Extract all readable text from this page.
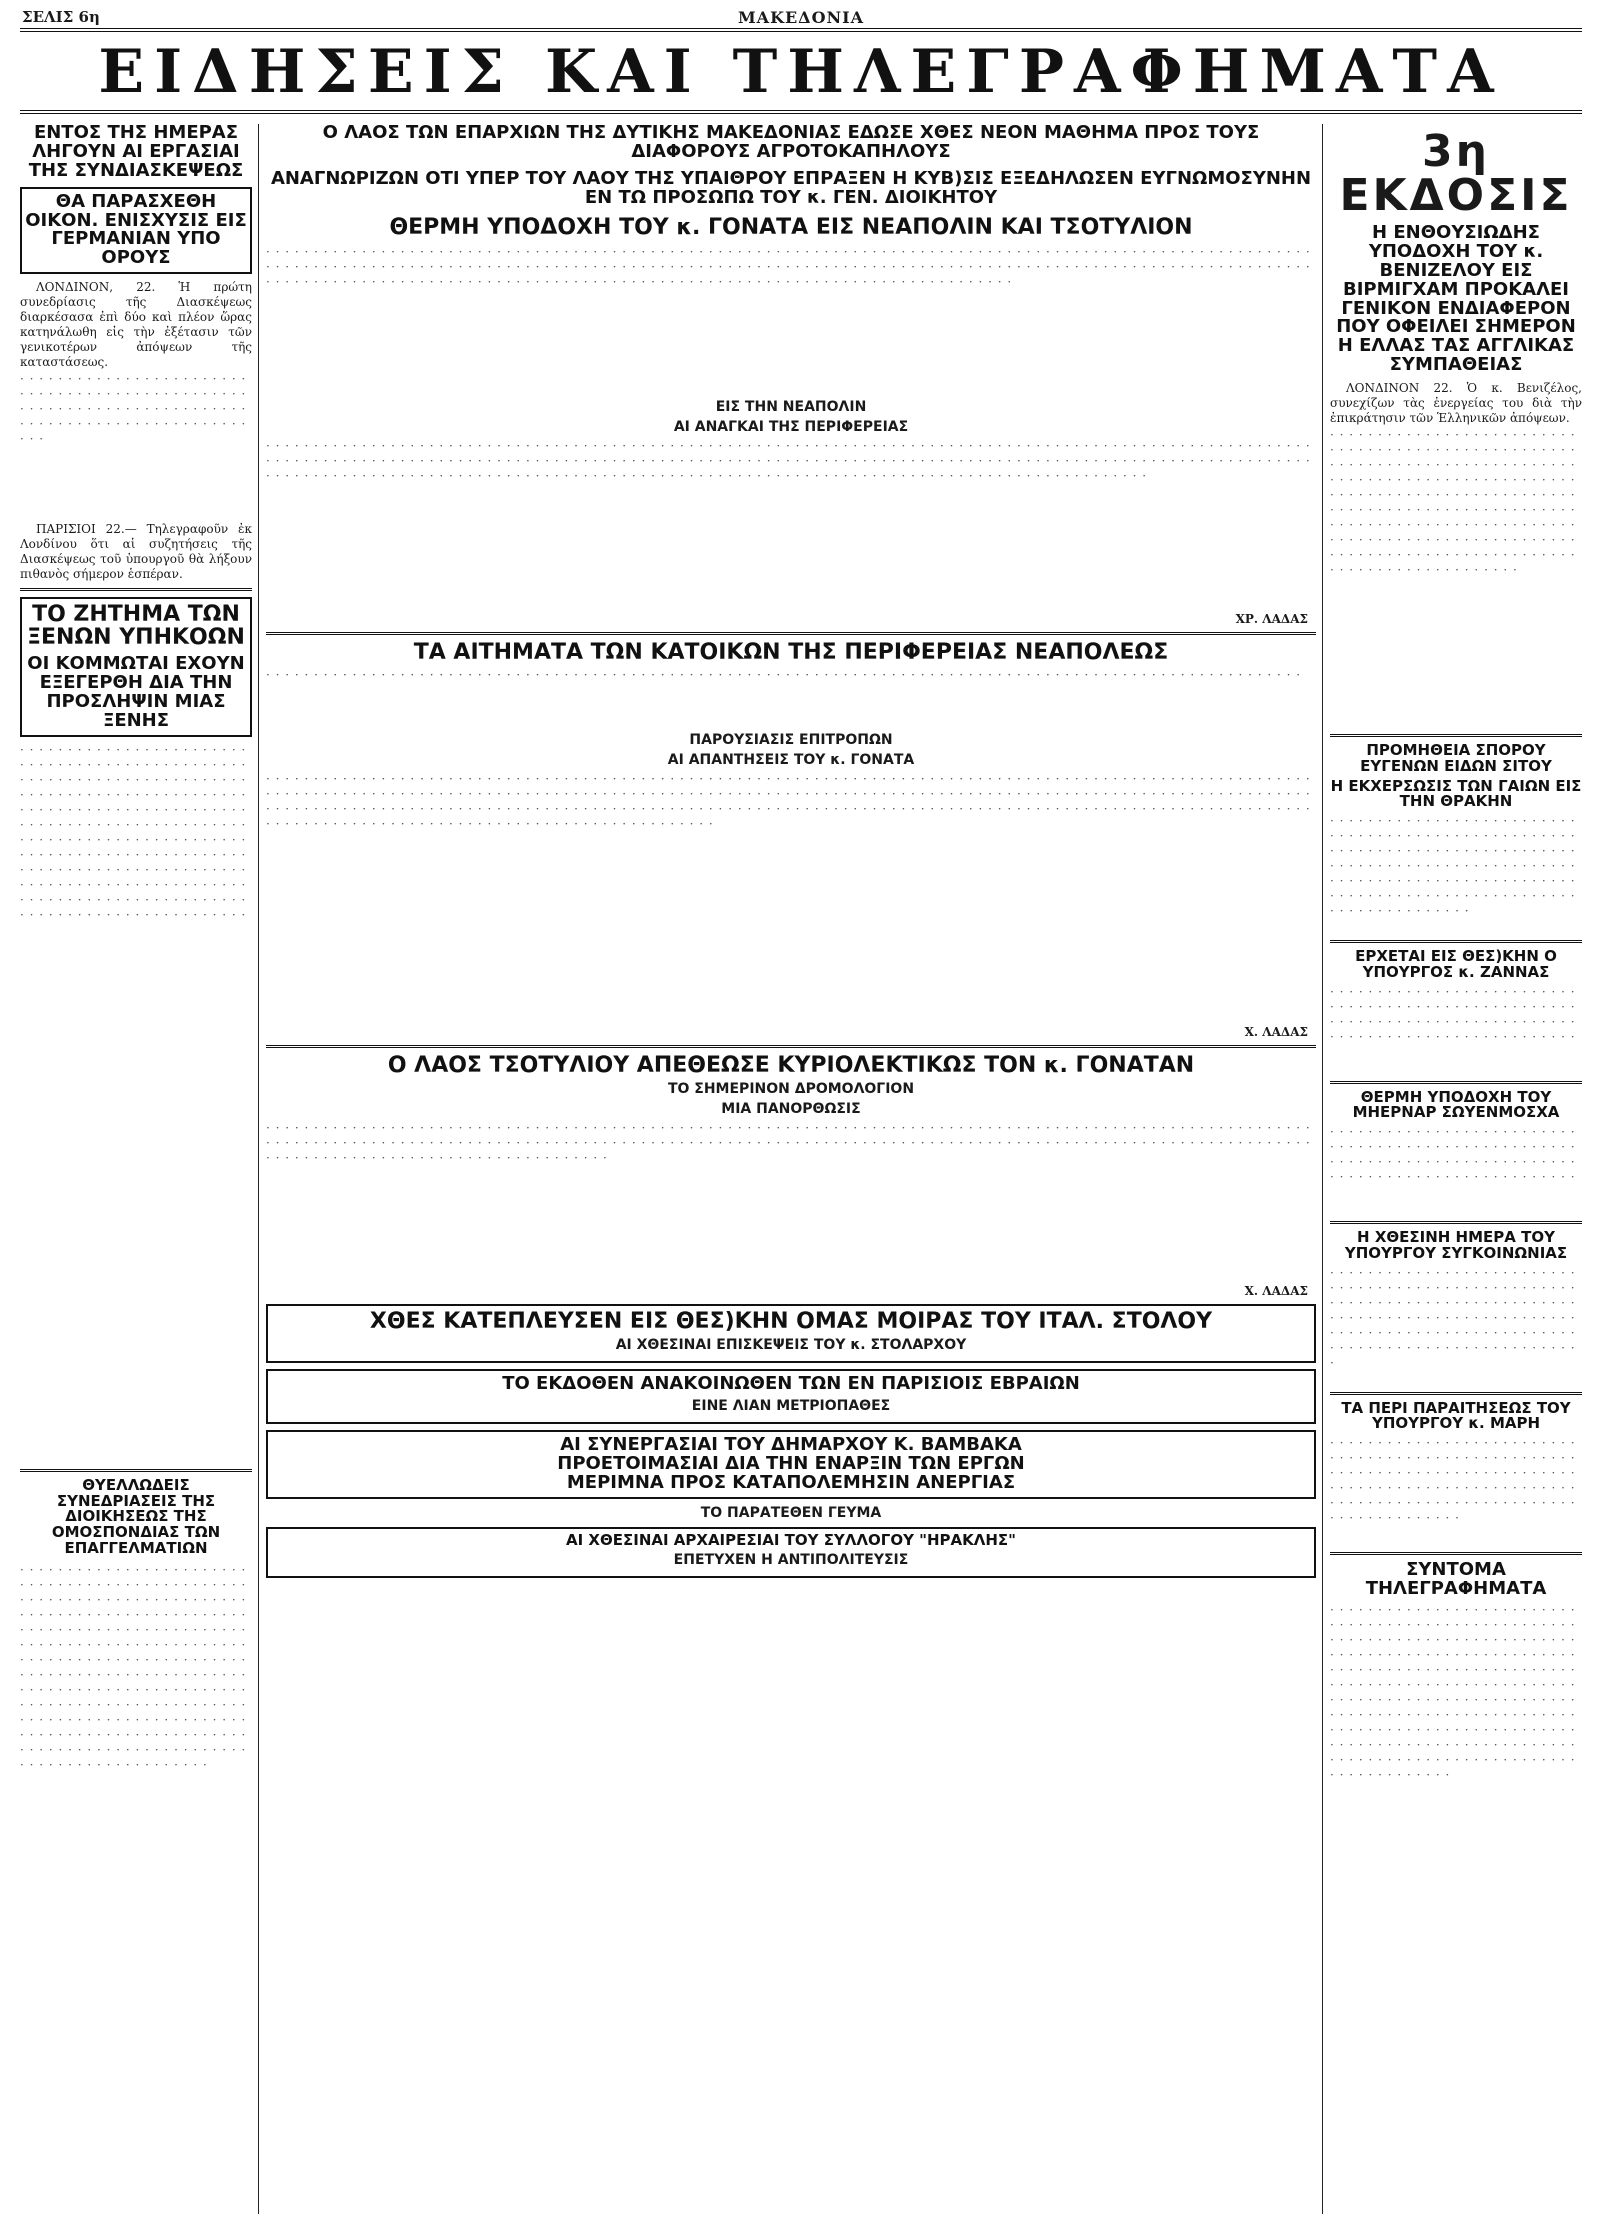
ΣΕΛΙΣ 6η	ΜΑΚΕΔΟΝΙΑ
ΕΙΔΗΣΕΙΣ ΚΑΙ ΤΗΛΕΓΡΑΦΗΜΑΤΑ
ΕΝΤΟΣ ΤΗΣ ΗΜΕΡΑΣ ΛΗΓΟΥΝ ΑΙ ΕΡΓΑΣΙΑΙ ΤΗΣ ΣΥΝΔΙΑΣΚΕΨΕΩΣ
ΘΑ ΠΑΡΑΣΧΕΘΗ ΟΙΚΟΝ. ΕΝΙΣΧΥΣΙΣ ΕΙΣ ΓΕΡΜΑΝΙΑΝ ΥΠΟ ΟΡΟΥΣ

ΛΟΝΔΙΝΟΝ, 22. Ἡ πρώτη συνεδρίασις τῆς Διασκέψεως διαρκέσασα ἐπὶ δύο καὶ πλέον ὥρας κατηνάλωθη εἰς τὴν ἐξέτασιν τῶν γενικοτέρων ἀπόψεων τῆς καταστάσεως.

· · · · · · · · · · · · · · · · · · · · · · · · · · · · · · · · · · · · · · · · · · · · · · · · · · · · · · · · · · · · · · · · · · · · · · · · · · · · · · · · · · · · · · · · · · · · · · · · · · ·

ΠΑΡΙΣΙΟΙ 22.— Τηλεγραφοῦν ἐκ Λονδίνου ὅτι αἱ συζητήσεις τῆς Διασκέψεως τοῦ ὑπουργοῦ θὰ λήξουν πιθανὸς σήμερον ἑσπέραν.

ΤΟ ΖΗΤΗΜΑ ΤΩΝ ΞΕΝΩΝ ΥΠΗΚΟΩΝ
ΟΙ ΚΟΜΜΩΤΑΙ ΕΧΟΥΝ ΕΞΕΓΕΡΘΗ ΔΙΑ ΤΗΝ ΠΡΟΣΛΗΨΙΝ ΜΙΑΣ ΞΕΝΗΣ
· · · · · · · · · · · · · · · · · · · · · · · · · · · · · · · · · · · · · · · · · · · · · · · · · · · · · · · · · · · · · · · · · · · · · · · · · · · · · · · · · · · · · · · · · · · · · · · · · · · · · · · · · · · · · · · · · · · · · · · · · · · · · · · · · · · · · · · · · · · · · · · · · · · · · · · · · · · · · · · · · · · · · · · · · · · · · · · · · · · · · · · · · · · · · · · · · · · · · · · · · · · · · · · · · · · · · · · · · · · · · · · · · · · · · · · · · · · · · · · · · · · · · · · · · · · · · · · · · · · · · · · · · · · · · · · · · · · · · · · · · · · · · · · ·
ΘΥΕΛΛΩΔΕΙΣ ΣΥΝΕΔΡΙΑΣΕΙΣ ΤΗΣ ΔΙΟΙΚΗΣΕΩΣ ΤΗΣ ΟΜΟΣΠΟΝΔΙΑΣ ΤΩΝ ΕΠΑΓΓΕΛΜΑΤΙΩΝ
· · · · · · · · · · · · · · · · · · · · · · · · · · · · · · · · · · · · · · · · · · · · · · · · · · · · · · · · · · · · · · · · · · · · · · · · · · · · · · · · · · · · · · · · · · · · · · · · · · · · · · · · · · · · · · · · · · · · · · · · · · · · · · · · · · · · · · · · · · · · · · · · · · · · · · · · · · · · · · · · · · · · · · · · · · · · · · · · · · · · · · · · · · · · · · · · · · · · · · · · · · · · · · · · · · · · · · · · · · · · · · · · · · · · · · · · · · · · · · · · · · · · · · · · · · · · · · · · · · · · · · · · · · · · · · · · · · · · · · · · · · · · · · · · · · · · · · · · · · · · · · · · · · · · · · · · · · · · · · · · · · · · · · · · · · · ·
Ο ΛΑΟΣ ΤΩΝ ΕΠΑΡΧΙΩΝ ΤΗΣ ΔΥΤΙΚΗΣ ΜΑΚΕΔΟΝΙΑΣ ΕΔΩΣΕ ΧΘΕΣ ΝΕΟΝ ΜΑΘΗΜΑ ΠΡΟΣ ΤΟΥΣ ΔΙΑΦΟΡΟΥΣ ΑΓΡΟΤΟΚΑΠΗΛΟΥΣ
ΑΝΑΓΝΩΡΙΖΩΝ ΟΤΙ ΥΠΕΡ ΤΟΥ ΛΑΟΥ ΤΗΣ ΥΠΑΙΘΡΟΥ ΕΠΡΑΞΕΝ Η ΚΥΒ)ΣΙΣ ΕΞΕΔΗΛΩΣΕΝ ΕΥΓΝΩΜΟΣΥΝΗΝ ΕΝ ΤΩ ΠΡΟΣΩΠΩ ΤΟΥ κ. ΓΕΝ. ΔΙΟΙΚΗΤΟΥ
ΘΕΡΜΗ ΥΠΟΔΟΧΗ ΤΟΥ κ. ΓΟΝΑΤΑ ΕΙΣ ΝΕΑΠΟΛΙΝ ΚΑΙ ΤΣΟΤΥΛΙΟΝ
· · · · · · · · · · · · · · · · · · · · · · · · · · · · · · · · · · · · · · · · · · · · · · · · · · · · · · · · · · · · · · · · · · · · · · · · · · · · · · · · · · · · · · · · · · · · · · · · · · · · · · · · · · · · · · · · · · · · · · · · · · · · · · · · · · · · · · · · · · · · · · · · · · · · · · · · · · · · · · · · · · · · · · · · · · · · · · · · · · · · · · · · · · · · · · · · · · · · · · · · · · · · · · · · · · · · · · · · · · · · · · · · · · · · · · · · · · · · · · · · · · · · · · · · · · · · · · · · · · · · · · · · · · · · · · · · · · · · · · · · · · · · · · · · · · · · · · · ·
ΕΙΣ ΤΗΝ ΝΕΑΠΟΛΙΝ
ΑΙ ΑΝΑΓΚΑΙ ΤΗΣ ΠΕΡΙΦΕΡΕΙΑΣ
· · · · · · · · · · · · · · · · · · · · · · · · · · · · · · · · · · · · · · · · · · · · · · · · · · · · · · · · · · · · · · · · · · · · · · · · · · · · · · · · · · · · · · · · · · · · · · · · · · · · · · · · · · · · · · · · · · · · · · · · · · · · · · · · · · · · · · · · · · · · · · · · · · · · · · · · · · · · · · · · · · · · · · · · · · · · · · · · · · · · · · · · · · · · · · · · · · · · · · · · · · · · · · · · · · · · · · · · · · · · · · · · · · · · · · · · · · · · · · · · · · · · · · · · · · · · · · · · · · · · · · · · · · · · · · · · · · · · · · · · · · · · · · · · · · · · · · · · · · · · · · · · · · · · · ·
ΧΡ. ΛΑΔΑΣ
ΤΑ ΑΙΤΗΜΑΤΑ ΤΩΝ ΚΑΤΟΙΚΩΝ ΤΗΣ ΠΕΡΙΦΕΡΕΙΑΣ ΝΕΑΠΟΛΕΩΣ
· · · · · · · · · · · · · · · · · · · · · · · · · · · · · · · · · · · · · · · · · · · · · · · · · · · · · · · · · · · · · · · · · · · · · · · · · · · · · · · · · · · · · · · · · · · · · · · · · · · · · · · · · · · ·
ΠΑΡΟΥΣΙΑΣΙΣ ΕΠΙΤΡΟΠΩΝ
ΑΙ ΑΠΑΝΤΗΣΕΙΣ ΤΟΥ κ. ΓΟΝΑΤΑ
· · · · · · · · · · · · · · · · · · · · · · · · · · · · · · · · · · · · · · · · · · · · · · · · · · · · · · · · · · · · · · · · · · · · · · · · · · · · · · · · · · · · · · · · · · · · · · · · · · · · · · · · · · · · · · · · · · · · · · · · · · · · · · · · · · · · · · · · · · · · · · · · · · · · · · · · · · · · · · · · · · · · · · · · · · · · · · · · · · · · · · · · · · · · · · · · · · · · · · · · · · · · · · · · · · · · · · · · · · · · · · · · · · · · · · · · · · · · · · · · · · · · · · · · · · · · · · · · · · · · · · · · · · · · · · · · · · · · · · · · · · · · · · · · · · · · · · · · · · · · · · · · · · · · · · · · · · · · · · · · · · · · · · · · · · · · · · · · · · · · · · · · · · · · · · · · · · · · · · · · · · · · · · · · · · · · · ·
Χ. ΛΑΔΑΣ
Ο ΛΑΟΣ ΤΣΟΤΥΛΙΟΥ ΑΠΕΘΕΩΣΕ ΚΥΡΙΟΛΕΚΤΙΚΩΣ ΤΟΝ κ. ΓΟΝΑΤΑΝ
ΤΟ ΣΗΜΕΡΙΝΟΝ ΔΡΟΜΟΛΟΓΙΟΝ
ΜΙΑ ΠΑΝΟΡΘΩΣΙΣ
· · · · · · · · · · · · · · · · · · · · · · · · · · · · · · · · · · · · · · · · · · · · · · · · · · · · · · · · · · · · · · · · · · · · · · · · · · · · · · · · · · · · · · · · · · · · · · · · · · · · · · · · · · · · · · · · · · · · · · · · · · · · · · · · · · · · · · · · · · · · · · · · · · · · · · · · · · · · · · · · · · · · · · · · · · · · · · · · · · · · · · · · · · · · · · · · · · · · · · · · · · · · · · · · · · · · · · · · · · · · · · · · · · · · · · · · · · · · · · · · · · · · · · · · · · · · · ·
Χ. ΛΑΔΑΣ
ΧΘΕΣ ΚΑΤΕΠΛΕΥΣΕΝ ΕΙΣ ΘΕΣ)ΚΗΝ ΟΜΑΣ ΜΟΙΡΑΣ ΤΟΥ ΙΤΑΛ. ΣΤΟΛΟΥ
ΑΙ ΧΘΕΣΙΝΑΙ ΕΠΙΣΚΕΨΕΙΣ ΤΟΥ κ. ΣΤΟΛΑΡΧΟΥ
ΤΟ ΕΚΔΟΘΕΝ ΑΝΑΚΟΙΝΩΘΕΝ ΤΩΝ ΕΝ ΠΑΡΙΣΙΟΙΣ ΕΒΡΑΙΩΝ
ΕΙΝΕ ΛΙΑΝ ΜΕΤΡΙΟΠΑΘΕΣ
ΑΙ ΣΥΝΕΡΓΑΣΙΑΙ ΤΟΥ ΔΗΜΑΡΧΟΥ Κ. ΒΑΜΒΑΚΑ
ΠΡΟΕΤΟΙΜΑΣΙΑΙ ΔΙΑ ΤΗΝ ΕΝΑΡΞΙΝ ΤΩΝ ΕΡΓΩΝ
ΜΕΡΙΜΝΑ ΠΡΟΣ ΚΑΤΑΠΟΛΕΜΗΣΙΝ ΑΝΕΡΓΙΑΣ
ΤΟ ΠΑΡΑΤΕΘΕΝ ΓΕΥΜΑ
ΑΙ ΧΘΕΣΙΝΑΙ ΑΡΧΑΙΡΕΣΙΑΙ ΤΟΥ ΣΥΛΛΟΓΟΥ "ΗΡΑΚΛΗΣ"
ΕΠΕΤΥΧΕΝ Η ΑΝΤΙΠΟΛΙΤΕΥΣΙΣ
3η ΕΚΔΟΣΙΣ
Η ΕΝΘΟΥΣΙΩΔΗΣ ΥΠΟΔΟΧΗ ΤΟΥ κ. ΒΕΝΙΖΕΛΟΥ ΕΙΣ ΒΙΡΜΙΓΧΑΜ ΠΡΟΚΑΛΕΙ ΓΕΝΙΚΟΝ ΕΝΔΙΑΦΕΡΟΝ ΠΟΥ ΟΦΕΙΛΕΙ ΣΗΜΕΡΟΝ Η ΕΛΛΑΣ ΤΑΣ ΑΓΓΛΙΚΑΣ ΣΥΜΠΑΘΕΙΑΣ

ΛΟΝΔΙΝΟΝ 22. Ὁ κ. Βενιζέλος, συνεχίζων τὰς ἐνεργείας του διὰ τὴν ἐπικράτησιν τῶν Ἑλληνικῶν ἀπόψεων.

· · · · · · · · · · · · · · · · · · · · · · · · · · · · · · · · · · · · · · · · · · · · · · · · · · · · · · · · · · · · · · · · · · · · · · · · · · · · · · · · · · · · · · · · · · · · · · · · · · · · · · · · · · · · · · · · · · · · · · · · · · · · · · · · · · · · · · · · · · · · · · · · · · · · · · · · · · · · · · · · · · · · · · · · · · · · · · · · · · · · · · · · · · · · · · · · · · · · · · · · · · · · · · · · · · · · · · · · · · · · · · · · · · · · · · · · · · · · · · · · · · · · · · · · · · · · · ·
ΠΡΟΜΗΘΕΙΑ ΣΠΟΡΟΥ ΕΥΓΕΝΩΝ ΕΙΔΩΝ ΣΙΤΟΥ
Η ΕΚΧΕΡΣΩΣΙΣ ΤΩΝ ΓΑΙΩΝ ΕΙΣ ΤΗΝ ΘΡΑΚΗΝ
· · · · · · · · · · · · · · · · · · · · · · · · · · · · · · · · · · · · · · · · · · · · · · · · · · · · · · · · · · · · · · · · · · · · · · · · · · · · · · · · · · · · · · · · · · · · · · · · · · · · · · · · · · · · · · · · · · · · · · · · · · · · · · · · · · · · · · · · · · · · · · · · · · · · · · · · · · · · · · · · · · · · · · · · · · ·
ΕΡΧΕΤΑΙ ΕΙΣ ΘΕΣ)ΚΗΝ Ο ΥΠΟΥΡΓΟΣ κ. ΖΑΝΝΑΣ
· · · · · · · · · · · · · · · · · · · · · · · · · · · · · · · · · · · · · · · · · · · · · · · · · · · · · · · · · · · · · · · · · · · · · · · · · · · · · · · · · · · · · · · · · · · · · · · · · · · · · · · ·
ΘΕΡΜΗ ΥΠΟΔΟΧΗ ΤΟΥ ΜΗΕΡΝΑΡ ΣΩΥΕΝΜΟΣΧΑ
· · · · · · · · · · · · · · · · · · · · · · · · · · · · · · · · · · · · · · · · · · · · · · · · · · · · · · · · · · · · · · · · · · · · · · · · · · · · · · · · · · · · · · · · · · · · · · · · · · · · · · · ·
Η ΧΘΕΣΙΝΗ ΗΜΕΡΑ ΤΟΥ ΥΠΟΥΡΓΟΥ ΣΥΓΚΟΙΝΩΝΙΑΣ
· · · · · · · · · · · · · · · · · · · · · · · · · · · · · · · · · · · · · · · · · · · · · · · · · · · · · · · · · · · · · · · · · · · · · · · · · · · · · · · · · · · · · · · · · · · · · · · · · · · · · · · · · · · · · · · · · · · · · · · · · · · · · · · · · · · · · · · · · · · · · · · · · · · · · · · · · · · · ·
ΤΑ ΠΕΡΙ ΠΑΡΑΙΤΗΣΕΩΣ ΤΟΥ ΥΠΟΥΡΓΟΥ κ. ΜΑΡΗ
· · · · · · · · · · · · · · · · · · · · · · · · · · · · · · · · · · · · · · · · · · · · · · · · · · · · · · · · · · · · · · · · · · · · · · · · · · · · · · · · · · · · · · · · · · · · · · · · · · · · · · · · · · · · · · · · · · · · · · · · · · · · · · · · · · · · · · · · · · · · · · · ·
ΣΥΝΤΟΜΑ ΤΗΛΕΓΡΑΦΗΜΑΤΑ
· · · · · · · · · · · · · · · · · · · · · · · · · · · · · · · · · · · · · · · · · · · · · · · · · · · · · · · · · · · · · · · · · · · · · · · · · · · · · · · · · · · · · · · · · · · · · · · · · · · · · · · · · · · · · · · · · · · · · · · · · · · · · · · · · · · · · · · · · · · · · · · · · · · · · · · · · · · · · · · · · · · · · · · · · · · · · · · · · · · · · · · · · · · · · · · · · · · · · · · · · · · · · · · · · · · · · · · · · · · · · · · · · · · · · · · · · · · · · · · · · · · · · · · · · · · · · · · · · · · · · · · · · · · · · · · · · · · · · · · · · · · · · · · · · · · · · · · · · · ·
